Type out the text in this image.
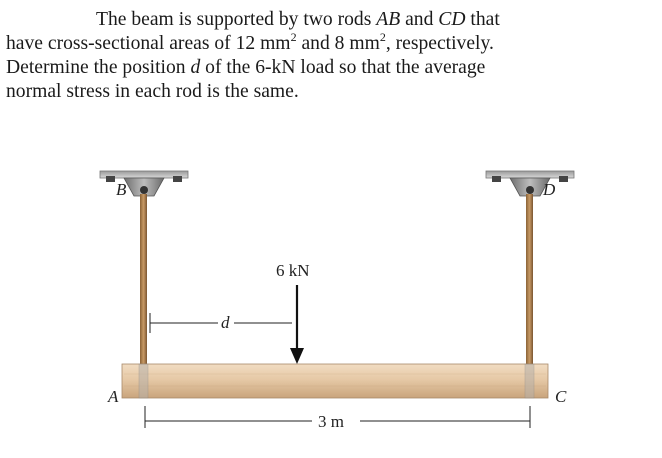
The beam is supported by two rods AB and CD that
have cross-sectional areas of 12 $mm^2$ and 8 $mm^2$, respectively.
Determine the position d of the 6-kN load so that the average
normal stress in each rod is the same.
B	D
A	C
6 kN
d
3 m
